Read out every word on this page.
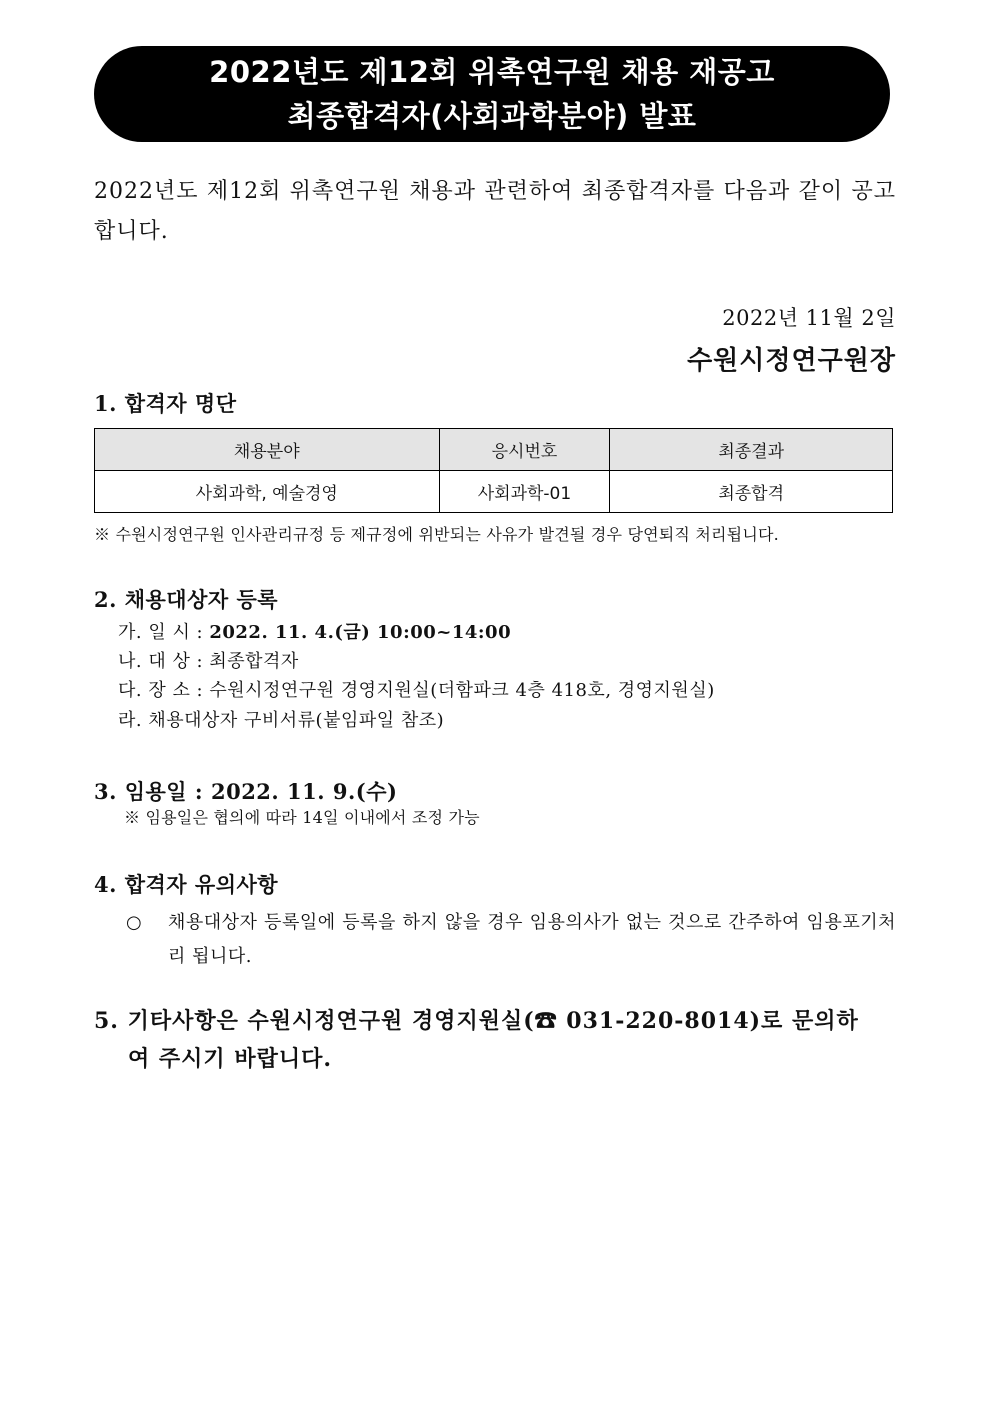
2022년도 제12회 위촉연구원 채용 재공고
최종합격자(사회과학분야) 발표
2022년도 제12회 위촉연구원 채용과 관련하여 최종합격자를 다음과 같이 공고합니다.
2022년 11월 2일
수원시정연구원장
1. 합격자 명단
채용분야	응시번호	최종결과
사회과학, 예술경영	사회과학-01	최종합격
※ 수원시정연구원 인사관리규정 등 제규정에 위반되는 사유가 발견될 경우 당연퇴직 처리됩니다.
2. 채용대상자 등록
가. 일 시 : 2022. 11. 4.(금) 10:00~14:00
나. 대 상 : 최종합격자
다. 장 소 : 수원시정연구원 경영지원실(더함파크 4층 418호, 경영지원실)
라. 채용대상자 구비서류(붙임파일 참조)
3. 임용일 : 2022. 11. 9.(수)
※ 임용일은 협의에 따라 14일 이내에서 조정 가능
4. 합격자 유의사항
○ 채용대상자 등록일에 등록을 하지 않을 경우 임용의사가 없는 것으로 간주하여 임용포기처리 됩니다.
5. 기타사항은 수원시정연구원 경영지원실(☎ 031-220-8014)로 문의하
여 주시기 바랍니다.
